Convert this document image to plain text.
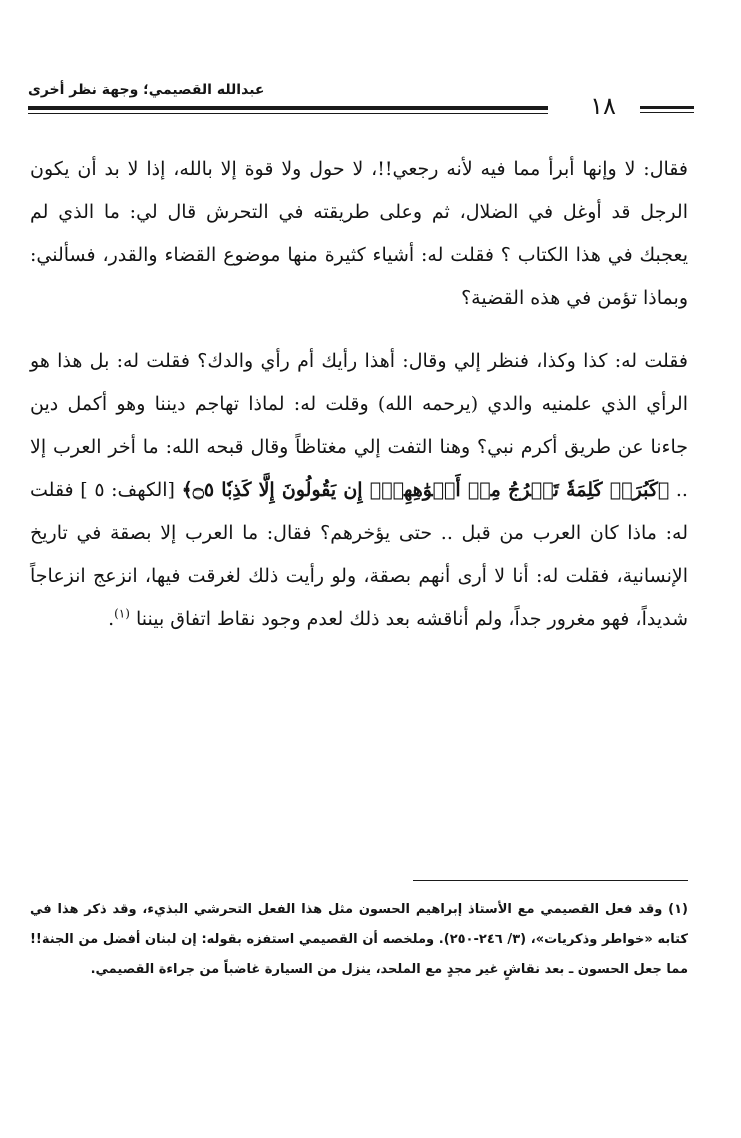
عبدالله القصيمي؛ وجهة نظر أخرى
١٨

فقال: لا وإنها أبرأ مما فيه لأنه رجعي!!، لا حول ولا قوة إلا بالله، إذا لا بد أن يكون الرجل قد أوغل في الضلال، ثم وعلى طريقته في التحرش قال لي: ما الذي لم يعجبك في هذا الكتاب ؟ فقلت له: أشياء كثيرة منها موضوع القضاء والقدر، فسألني: وبماذا تؤمن في هذه القضية؟

فقلت له: كذا وكذا، فنظر إلي وقال: أهذا رأيك أم رأي والدك؟ فقلت له: بل هذا هو الرأي الذي علمنيه والدي (يرحمه الله) وقلت له: لماذا تهاجم ديننا وهو أكمل دين جاءنا عن طريق أكرم نبي؟ وهنا التفت إلي مغتاظاً وقال قبحه الله: ما أخر العرب إلا .. ﴿كَبُرَتۡ كَلِمَةٗ تَخۡرُجُ مِنۡ أَفۡوَٰهِهِمۡۚ إِن يَقُولُونَ إِلَّا كَذِبٗا ۝٥﴾ [الكهف: ٥ ] فقلت له: ماذا كان العرب من قبل .. حتى يؤخرهم؟ فقال: ما العرب إلا بصقة في تاريخ الإنسانية، فقلت له: أنا لا أرى أنهم بصقة، ولو رأيت ذلك لغرقت فيها، انزعج انزعاجاً شديداً، فهو مغرور جداً، ولم أناقشه بعد ذلك لعدم وجود نقاط اتفاق بيننا $^{(١)}$.

(١) وقد فعل القصيمي مع الأستاذ إبراهيم الحسون مثل هذا الفعل التحرشي البذيء، وقد ذكر هذا في كتابه «خواطر وذكريات»، (٣/ ٢٤٦-٢٥٠). وملخصه أن القصيمي استفزه بقوله: إن لبنان أفضل من الجنة!! مما جعل الحسون ـ بعد نقاشٍ غير مجدٍ مع الملحد، ينزل من السيارة غاضباً من جراءة القصيمي.
